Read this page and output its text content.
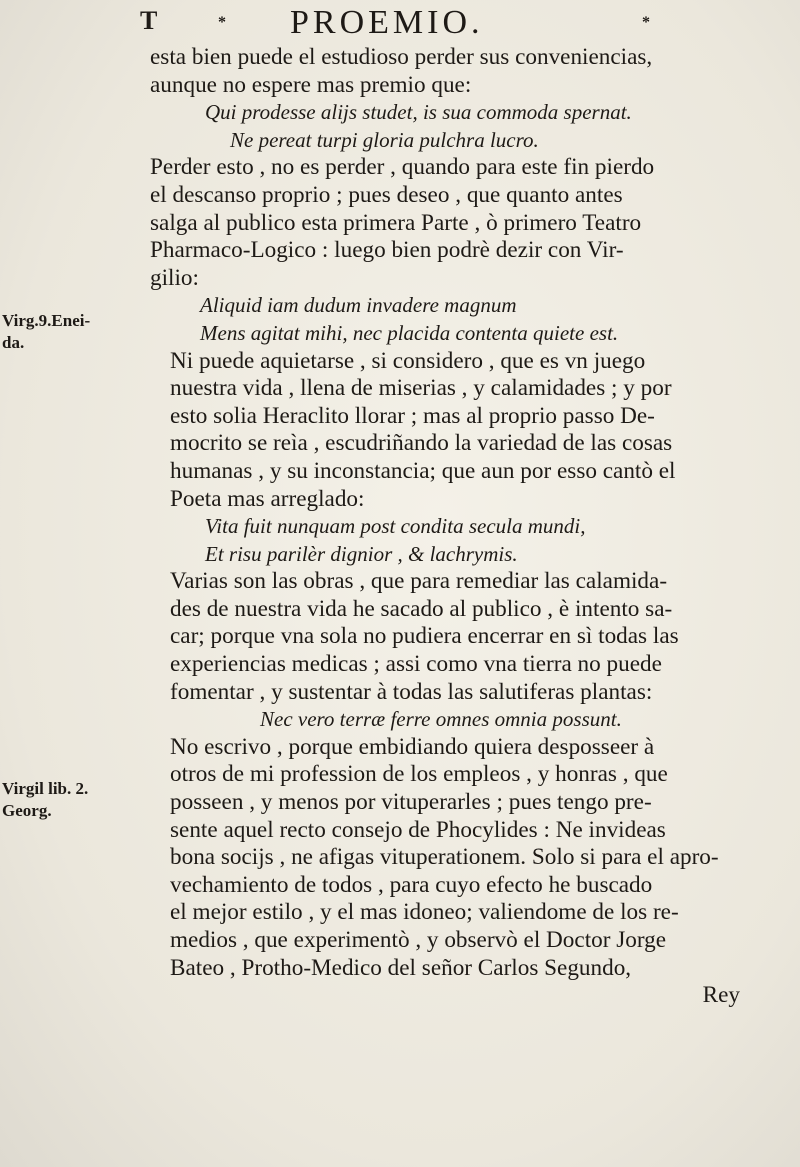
T	* PROEMIO.	*
Virg.9.Enei-
da.
Virgil lib. 2.
Georg.
esta bien puede el estudioso perder sus conveniencias,
aunque no espere mas premio que:
Qui prodesse alijs studet, is sua commoda spernat.
Ne pereat turpi gloria pulchra lucro.
Perder esto , no es perder , quando para este fin pierdo
el descanso proprio ; pues deseo , que quanto antes
salga al publico esta primera Parte , ò primero Teatro
Pharmaco-Logico : luego bien podrè dezir con Vir-
gilio:
Aliquid iam dudum invadere magnum
Mens agitat mihi, nec placida contenta quiete est.
Ni puede aquietarse , si considero , que es vn juego
nuestra vida , llena de miserias , y calamidades ; y por
esto solia Heraclito llorar ; mas al proprio passo De-
mocrito se reìa , escudriñando la variedad de las cosas
humanas , y su inconstancia; que aun por esso cantò el
Poeta mas arreglado:
Vita fuit nunquam post condita secula mundi,
Et risu parilèr dignior , & lachrymis.
Varias son las obras , que para remediar las calamida-
des de nuestra vida he sacado al publico , è intento sa-
car; porque vna sola no pudiera encerrar en sì todas las
experiencias medicas ; assi como vna tierra no puede
fomentar , y sustentar à todas las salutiferas plantas:
Nec vero terræ ferre omnes omnia possunt.
No escrivo , porque embidiando quiera desposseer à
otros de mi profession de los empleos , y honras , que
posseen , y menos por vituperarles ; pues tengo pre-
sente aquel recto consejo de Phocylides : Ne invideas
bona socijs , ne afigas vituperationem. Solo si para el apro-
vechamiento de todos , para cuyo efecto he buscado
el mejor estilo , y el mas idoneo; valiendome de los re-
medios , que experimentò , y observò el Doctor Jorge
Bateo , Protho-Medico del señor Carlos Segundo,
Rey
